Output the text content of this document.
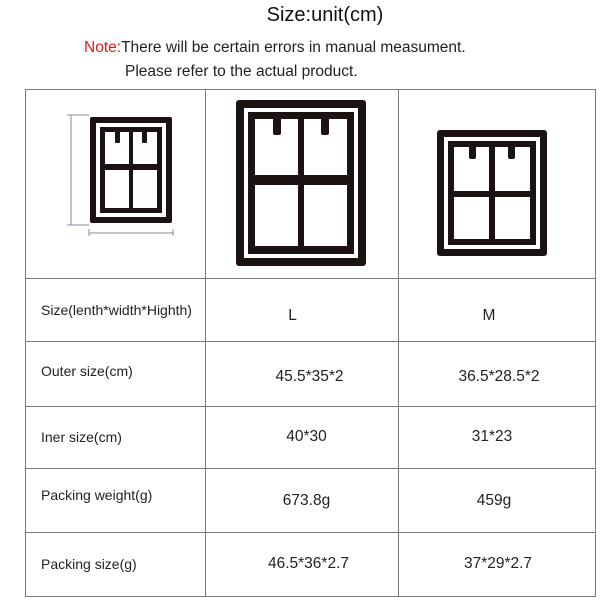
Size:unit(cm)
Note:There will be certain errors in manual measument.
Please refer to the actual product.
Size(lenth*width*Highth)	L	M
Outer size(cm)	45.5*35*2	36.5*28.5*2
Iner size(cm)	40*30	31*23
Packing weight(g)	673.8g	459g
Packing size(g)	46.5*36*2.7	37*29*2.7
